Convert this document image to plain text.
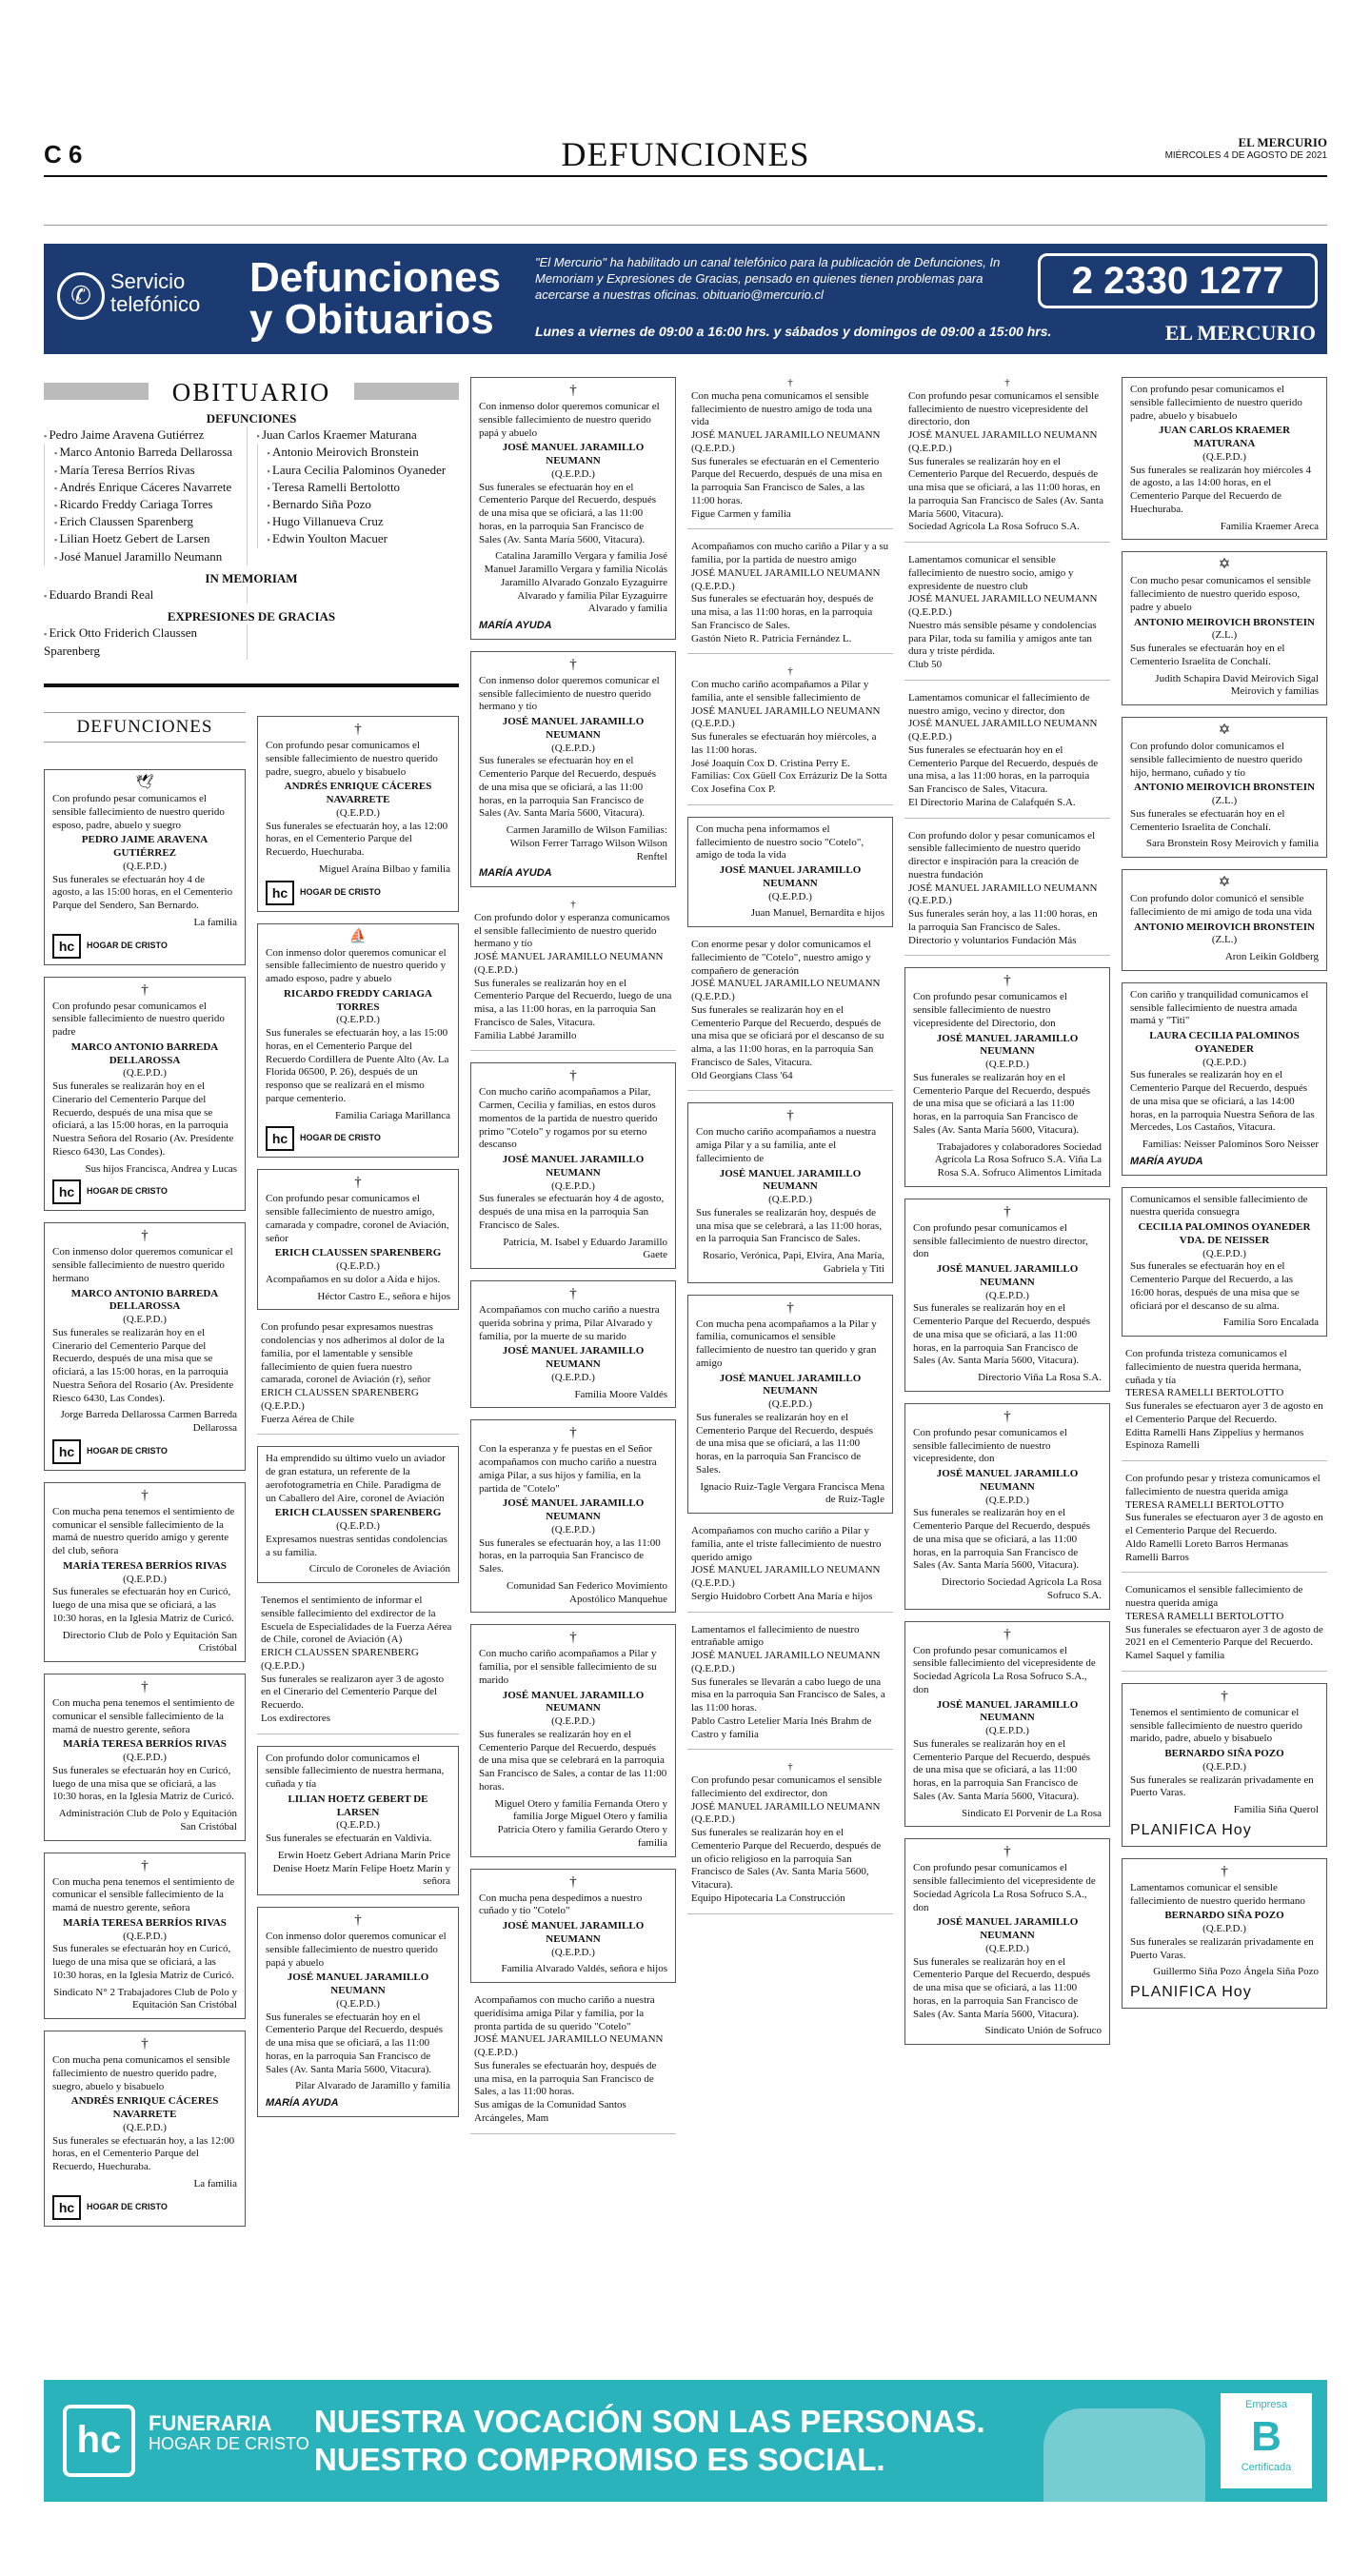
C 6	DEFUNCIONES	EL MERCURIO
MIÉRCOLES 4 DE AGOSTO DE 2021
✆
Servicio telefónico
Defunciones
y Obituarios
"El Mercurio" ha habilitado un canal telefónico para la publicación de Defunciones, In Memoriam y Expresiones de Gracias, pensado en quienes tienen problemas para acercarse a nuestras oficinas. obituario@mercurio.cl
Lunes a viernes de 09:00 a 16:00 hrs. y sábados y domingos de 09:00 a 15:00 hrs.
2 2330 1277
EL MERCURIO
OBITUARIO
DEFUNCIONES
▪ Pedro Jaime Aravena Gutiérrez
▪ Marco Antonio Barreda Dellarossa
▪ María Teresa Berríos Rivas
▪ Andrés Enrique Cáceres Navarrete
▪ Ricardo Freddy Cariaga Torres
▪ Erich Claussen Sparenberg
▪ Lilian Hoetz Gebert de Larsen
▪ José Manuel Jaramillo Neumann
▪ Juan Carlos Kraemer Maturana
▪ Antonio Meirovich Bronstein
▪ Laura Cecilia Palominos Oyaneder
▪ Teresa Ramelli Bertolotto
▪ Bernardo Siña Pozo
▪ Hugo Villanueva Cruz
▪ Edwin Youlton Macuer
IN MEMORIAM
▪ Eduardo Brandi Real
EXPRESIONES DE GRACIAS
▪ Erick Otto Friderich Claussen Sparenberg
DEFUNCIONES
🕊

Con profundo pesar comunicamos el sensible fallecimiento de nuestro querido esposo, padre, abuelo y suegro

PEDRO JAIME ARAVENA GUTIÉRREZ

(Q.E.P.D.)

Sus funerales se efectuarán hoy 4 de agosto, a las 15:00 horas, en el Cementerio Parque del Sendero, San Bernardo.

La familia

hc	HOGAR DE CRISTO
†

Con profundo pesar comunicamos el sensible fallecimiento de nuestro querido padre

MARCO ANTONIO BARREDA DELLAROSSA

(Q.E.P.D.)

Sus funerales se realizarán hoy en el Cinerario del Cementerio Parque del Recuerdo, después de una misa que se oficiará, a las 15:00 horas, en la parroquia Nuestra Señora del Rosario (Av. Presidente Riesco 6430, Las Condes).

Sus hijos Francisca, Andrea y Lucas

hc	HOGAR DE CRISTO
†

Con inmenso dolor queremos comunicar el sensible fallecimiento de nuestro querido hermano

MARCO ANTONIO BARREDA DELLAROSSA

(Q.E.P.D.)

Sus funerales se realizarán hoy en el Cinerario del Cementerio Parque del Recuerdo, después de una misa que se oficiará, a las 15:00 horas, en la parroquia Nuestra Señora del Rosario (Av. Presidente Riesco 6430, Las Condes).

Jorge Barreda Dellarossa Carmen Barreda Dellarossa

hc	HOGAR DE CRISTO
†

Con mucha pena tenemos el sentimiento de comunicar el sensible fallecimiento de la mamá de nuestro querido amigo y gerente del club, señora

MARÍA TERESA BERRÍOS RIVAS

(Q.E.P.D.)

Sus funerales se efectuarán hoy en Curicó, luego de una misa que se oficiará, a las 10:30 horas, en la Iglesia Matriz de Curicó.

Directorio Club de Polo y Equitación San Cristóbal

†

Con mucha pena tenemos el sentimiento de comunicar el sensible fallecimiento de la mamá de nuestro gerente, señora

MARÍA TERESA BERRÍOS RIVAS

(Q.E.P.D.)

Sus funerales se efectuarán hoy en Curicó, luego de una misa que se oficiará, a las 10:30 horas, en la Iglesia Matriz de Curicó.

Administración Club de Polo y Equitación San Cristóbal

†

Con mucha pena tenemos el sentimiento de comunicar el sensible fallecimiento de la mamá de nuestro gerente, señora

MARÍA TERESA BERRÍOS RIVAS

(Q.E.P.D.)

Sus funerales se efectuarán hoy en Curicó, luego de una misa que se oficiará, a las 10:30 horas, en la Iglesia Matriz de Curicó.

Sindicato N° 2 Trabajadores Club de Polo y Equitación San Cristóbal

†

Con mucha pena comunicamos el sensible fallecimiento de nuestro querido padre, suegro, abuelo y bisabuelo

ANDRÉS ENRIQUE CÁCERES NAVARRETE

(Q.E.P.D.)

Sus funerales se efectuarán hoy, a las 12:00 horas, en el Cementerio Parque del Recuerdo, Huechuraba.

La familia

hc	HOGAR DE CRISTO
†

Con profundo pesar comunicamos el sensible fallecimiento de nuestro querido padre, suegro, abuelo y bisabuelo

ANDRÉS ENRIQUE CÁCERES NAVARRETE

(Q.E.P.D.)

Sus funerales se efectuarán hoy, a las 12:00 horas, en el Cementerio Parque del Recuerdo, Huechuraba.

Miguel Araína Bilbao y familia

hc	HOGAR DE CRISTO
⛵

Con inmenso dolor queremos comunicar el sensible fallecimiento de nuestro querido y amado esposo, padre y abuelo

RICARDO FREDDY CARIAGA TORRES

(Q.E.P.D.)

Sus funerales se efectuarán hoy, a las 15:00 horas, en el Cementerio Parque del Recuerdo Cordillera de Puente Alto (Av. La Florida 06500, P. 26), después de un responso que se realizará en el mismo parque cementerio.

Familia Cariaga Marillanca

hc	HOGAR DE CRISTO
†

Con profundo pesar comunicamos el sensible fallecimiento de nuestro amigo, camarada y compadre, coronel de Aviación, señor

ERICH CLAUSSEN SPARENBERG

(Q.E.P.D.)

Acompañamos en su dolor a Aída e hijos.

Héctor Castro E., señora e hijos

Con profundo pesar expresamos nuestras condolencias y nos adherimos al dolor de la familia, por el lamentable y sensible fallecimiento de quien fuera nuestro camarada, coronel de Aviación (r), señor

ERICH CLAUSSEN SPARENBERG

(Q.E.P.D.)

Fuerza Aérea de Chile

Ha emprendido su último vuelo un aviador de gran estatura, un referente de la aerofotogrametría en Chile. Paradigma de un Caballero del Aire, coronel de Aviación

ERICH CLAUSSEN SPARENBERG

(Q.E.P.D.)

Expresamos nuestras sentidas condolencias a su familia.

Círculo de Coroneles de Aviación

Tenemos el sentimiento de informar el sensible fallecimiento del exdirector de la Escuela de Especialidades de la Fuerza Aérea de Chile, coronel de Aviación (A)

ERICH CLAUSSEN SPARENBERG

(Q.E.P.D.)

Sus funerales se realizaron ayer 3 de agosto en el Cinerario del Cementerio Parque del Recuerdo.

Los exdirectores

Con profundo dolor comunicamos el sensible fallecimiento de nuestra hermana, cuñada y tía

LILIAN HOETZ GEBERT DE LARSEN

(Q.E.P.D.)

Sus funerales se efectuarán en Valdivia.

Erwin Hoetz Gebert Adriana Marín Price Denise Hoetz Marín Felipe Hoetz Marín y señora

†

Con inmenso dolor queremos comunicar el sensible fallecimiento de nuestro querido papá y abuelo

JOSÉ MANUEL JARAMILLO NEUMANN

(Q.E.P.D.)

Sus funerales se efectuarán hoy en el Cementerio Parque del Recuerdo, después de una misa que se oficiará, a las 11:00 horas, en la parroquia San Francisco de Sales (Av. Santa María 5600, Vitacura).

Pilar Alvarado de Jaramillo y familia

MARÍA AYUDA
†

Con inmenso dolor queremos comunicar el sensible fallecimiento de nuestro querido papá y abuelo

JOSÉ MANUEL JARAMILLO NEUMANN

(Q.E.P.D.)

Sus funerales se efectuarán hoy en el Cementerio Parque del Recuerdo, después de una misa que se oficiará, a las 11:00 horas, en la parroquia San Francisco de Sales (Av. Santa María 5600, Vitacura).

Catalina Jaramillo Vergara y familia José Manuel Jaramillo Vergara y familia Nicolás Jaramillo Alvarado Gonzalo Eyzaguirre Alvarado y familia Pilar Eyzaguirre Alvarado y familia

MARÍA AYUDA
†

Con inmenso dolor queremos comunicar el sensible fallecimiento de nuestro querido hermano y tío

JOSÉ MANUEL JARAMILLO NEUMANN

(Q.E.P.D.)

Sus funerales se efectuarán hoy en el Cementerio Parque del Recuerdo, después de una misa que se oficiará, a las 11:00 horas, en la parroquia San Francisco de Sales (Av. Santa María 5600, Vitacura).

Carmen Jaramillo de Wilson Familias: Wilson Ferrer Tarrago Wilson Wilson Renftel

MARÍA AYUDA
†

Con profundo dolor y esperanza comunicamos el sensible fallecimiento de nuestro querido hermano y tío

JOSÉ MANUEL JARAMILLO NEUMANN

(Q.E.P.D.)

Sus funerales se realizarán hoy en el Cementerio Parque del Recuerdo, luego de una misa, a las 11:00 horas, en la parroquia San Francisco de Sales, Vitacura.

Familia Labbé Jaramillo

†

Con mucho cariño acompañamos a Pilar, Carmen, Cecilia y familias, en estos duros momentos de la partida de nuestro querido primo "Cotelo" y rogamos por su eterno descanso

JOSÉ MANUEL JARAMILLO NEUMANN

(Q.E.P.D.)

Sus funerales se efectuarán hoy 4 de agosto, después de una misa en la parroquia San Francisco de Sales.

Patricia, M. Isabel y Eduardo Jaramillo Gaete

†

Acompañamos con mucho cariño a nuestra querida sobrina y prima, Pilar Alvarado y familia, por la muerte de su marido

JOSÉ MANUEL JARAMILLO NEUMANN

(Q.E.P.D.)

Familia Moore Valdés

†

Con la esperanza y fe puestas en el Señor acompañamos con mucho cariño a nuestra amiga Pilar, a sus hijos y familia, en la partida de "Cotelo"

JOSÉ MANUEL JARAMILLO NEUMANN

(Q.E.P.D.)

Sus funerales se efectuarán hoy, a las 11:00 horas, en la parroquia San Francisco de Sales.

Comunidad San Federico Movimiento Apostólico Manquehue

†

Con mucho cariño acompañamos a Pilar y familia, por el sensible fallecimiento de su marido

JOSÉ MANUEL JARAMILLO NEUMANN

(Q.E.P.D.)

Sus funerales se realizarán hoy en el Cementerio Parque del Recuerdo, después de una misa que se celebrará en la parroquia San Francisco de Sales, a contar de las 11:00 horas.

Miguel Otero y familia Fernanda Otero y familia Jorge Miguel Otero y familia Patricia Otero y familia Gerardo Otero y familia

†

Con mucha pena despedimos a nuestro cuñado y tío "Cotelo"

JOSÉ MANUEL JARAMILLO NEUMANN

(Q.E.P.D.)

Familia Alvarado Valdés, señora e hijos

Acompañamos con mucho cariño a nuestra queridísima amiga Pilar y familia, por la pronta partida de su querido "Cotelo"

JOSÉ MANUEL JARAMILLO NEUMANN

(Q.E.P.D.)

Sus funerales se efectuarán hoy, después de una misa, en la parroquia San Francisco de Sales, a las 11:00 horas.

Sus amigas de la Comunidad Santos Arcángeles, Mam

†

Con mucha pena comunicamos el sensible fallecimiento de nuestro amigo de toda una vida

JOSÉ MANUEL JARAMILLO NEUMANN

(Q.E.P.D.)

Sus funerales se efectuarán en el Cementerio Parque del Recuerdo, después de una misa en la parroquia San Francisco de Sales, a las 11:00 horas.

Figue Carmen y familia

Acompañamos con mucho cariño a Pilar y a su familia, por la partida de nuestro amigo

JOSÉ MANUEL JARAMILLO NEUMANN

(Q.E.P.D.)

Sus funerales se efectuarán hoy, después de una misa, a las 11:00 horas, en la parroquia San Francisco de Sales.

Gastón Nieto R. Patricia Fernández L.

†

Con mucho cariño acompañamos a Pilar y familia, ante el sensible fallecimiento de

JOSÉ MANUEL JARAMILLO NEUMANN

(Q.E.P.D.)

Sus funerales se efectuarán hoy miércoles, a las 11:00 horas.

José Joaquín Cox D. Cristina Perry E. Familias: Cox Güell Cox Errázuriz De la Sotta Cox Josefina Cox P.

Con mucha pena informamos el fallecimiento de nuestro socio "Cotelo", amigo de toda la vida

JOSÉ MANUEL JARAMILLO NEUMANN

(Q.E.P.D.)

Juan Manuel, Bernardita e hijos

Con enorme pesar y dolor comunicamos el fallecimiento de "Cotelo", nuestro amigo y compañero de generación

JOSÉ MANUEL JARAMILLO NEUMANN

(Q.E.P.D.)

Sus funerales se realizarán hoy en el Cementerio Parque del Recuerdo, después de una misa que se oficiará por el descanso de su alma, a las 11:00 horas, en la parroquia San Francisco de Sales, Vitacura.

Old Georgians Class '64

†

Con mucho cariño acompañamos a nuestra amiga Pilar y a su familia, ante el fallecimiento de

JOSÉ MANUEL JARAMILLO NEUMANN

(Q.E.P.D.)

Sus funerales se realizarán hoy, después de una misa que se celebrará, a las 11:00 horas, en la parroquia San Francisco de Sales.

Rosario, Verónica, Papi, Elvira, Ana María, Gabriela y Titi

†

Con mucha pena acompañamos a la Pilar y familia, comunicamos el sensible fallecimiento de nuestro tan querido y gran amigo

JOSÉ MANUEL JARAMILLO NEUMANN

(Q.E.P.D.)

Sus funerales se realizarán hoy en el Cementerio Parque del Recuerdo, después de una misa que se oficiará, a las 11:00 horas, en la parroquia San Francisco de Sales.

Ignacio Ruiz-Tagle Vergara Francisca Mena de Ruiz-Tagle

Acompañamos con mucho cariño a Pilar y familia, ante el triste fallecimiento de nuestro querido amigo

JOSÉ MANUEL JARAMILLO NEUMANN

(Q.E.P.D.)

Sergio Huidobro Corbett Ana María e hijos

Lamentamos el fallecimiento de nuestro entrañable amigo

JOSÉ MANUEL JARAMILLO NEUMANN

(Q.E.P.D.)

Sus funerales se llevarán a cabo luego de una misa en la parroquia San Francisco de Sales, a las 11:00 horas.

Pablo Castro Letelier María Inés Brahm de Castro y familia

†

Con profundo pesar comunicamos el sensible fallecimiento del exdirector, don

JOSÉ MANUEL JARAMILLO NEUMANN

(Q.E.P.D.)

Sus funerales se realizarán hoy en el Cementerio Parque del Recuerdo, después de un oficio religioso en la parroquia San Francisco de Sales (Av. Santa María 5600, Vitacura).

Equipo Hipotecaria La Construcción

†

Con profundo pesar comunicamos el sensible fallecimiento de nuestro vicepresidente del directorio, don

JOSÉ MANUEL JARAMILLO NEUMANN

(Q.E.P.D.)

Sus funerales se realizarán hoy en el Cementerio Parque del Recuerdo, después de una misa que se oficiará, a las 11:00 horas, en la parroquia San Francisco de Sales (Av. Santa María 5600, Vitacura).

Sociedad Agrícola La Rosa Sofruco S.A.

Lamentamos comunicar el sensible fallecimiento de nuestro socio, amigo y expresidente de nuestro club

JOSÉ MANUEL JARAMILLO NEUMANN

(Q.E.P.D.)

Nuestro más sensible pésame y condolencias para Pilar, toda su familia y amigos ante tan dura y triste pérdida.

Club 50

Lamentamos comunicar el fallecimiento de nuestro amigo, vecino y director, don

JOSÉ MANUEL JARAMILLO NEUMANN

(Q.E.P.D.)

Sus funerales se efectuarán hoy en el Cementerio Parque del Recuerdo, después de una misa, a las 11:00 horas, en la parroquia San Francisco de Sales, Vitacura.

El Directorio Marina de Calafquén S.A.

Con profundo dolor y pesar comunicamos el sensible fallecimiento de nuestro querido director e inspiración para la creación de nuestra fundación

JOSÉ MANUEL JARAMILLO NEUMANN

(Q.E.P.D.)

Sus funerales serán hoy, a las 11:00 horas, en la parroquia San Francisco de Sales.

Directorio y voluntarios Fundación Más

†

Con profundo pesar comunicamos el sensible fallecimiento de nuestro vicepresidente del Directorio, don

JOSÉ MANUEL JARAMILLO NEUMANN

(Q.E.P.D.)

Sus funerales se realizarán hoy en el Cementerio Parque del Recuerdo, después de una misa que se oficiará a las 11:00 horas, en la parroquia San Francisco de Sales (Av. Santa María 5600, Vitacura).

Trabajadores y colaboradores Sociedad Agrícola La Rosa Sofruco S.A. Viña La Rosa S.A. Sofruco Alimentos Limitada

†

Con profundo pesar comunicamos el sensible fallecimiento de nuestro director, don

JOSÉ MANUEL JARAMILLO NEUMANN

(Q.E.P.D.)

Sus funerales se realizarán hoy en el Cementerio Parque del Recuerdo, después de una misa que se oficiará, a las 11:00 horas, en la parroquia San Francisco de Sales (Av. Santa María 5600, Vitacura).

Directorio Viña La Rosa S.A.

†

Con profundo pesar comunicamos el sensible fallecimiento de nuestro vicepresidente, don

JOSÉ MANUEL JARAMILLO NEUMANN

(Q.E.P.D.)

Sus funerales se realizarán hoy en el Cementerio Parque del Recuerdo, después de una misa que se oficiará, a las 11:00 horas, en la parroquia San Francisco de Sales (Av. Santa María 5600, Vitacura).

Directorio Sociedad Agrícola La Rosa Sofruco S.A.

†

Con profundo pesar comunicamos el sensible fallecimiento del vicepresidente de Sociedad Agrícola La Rosa Sofruco S.A., don

JOSÉ MANUEL JARAMILLO NEUMANN

(Q.E.P.D.)

Sus funerales se realizarán hoy en el Cementerio Parque del Recuerdo, después de una misa que se oficiará, a las 11:00 horas, en la parroquia San Francisco de Sales (Av. Santa María 5600, Vitacura).

Sindicato El Porvenir de La Rosa

†

Con profundo pesar comunicamos el sensible fallecimiento del vicepresidente de Sociedad Agrícola La Rosa Sofruco S.A., don

JOSÉ MANUEL JARAMILLO NEUMANN

(Q.E.P.D.)

Sus funerales se realizarán hoy en el Cementerio Parque del Recuerdo, después de una misa que se oficiará, a las 11:00 horas, en la parroquia San Francisco de Sales (Av. Santa María 5600, Vitacura).

Sindicato Unión de Sofruco

Con profundo pesar comunicamos el sensible fallecimiento de nuestro querido padre, abuelo y bisabuelo

JUAN CARLOS KRAEMER MATURANA

(Q.E.P.D.)

Sus funerales se realizarán hoy miércoles 4 de agosto, a las 14:00 horas, en el Cementerio Parque del Recuerdo de Huechuraba.

Familia Kraemer Areca

✡

Con mucho pesar comunicamos el sensible fallecimiento de nuestro querido esposo, padre y abuelo

ANTONIO MEIROVICH BRONSTEIN

(Z.L.)

Sus funerales se efectuarán hoy en el Cementerio Israelita de Conchalí.

Judith Schapira David Meirovich Sigal Meirovich y familias

✡

Con profundo dolor comunicamos el sensible fallecimiento de nuestro querido hijo, hermano, cuñado y tío

ANTONIO MEIROVICH BRONSTEIN

(Z.L.)

Sus funerales se efectuarán hoy en el Cementerio Israelita de Conchalí.

Sara Bronstein Rosy Meirovich y familia

✡

Con profundo dolor comunicó el sensible fallecimiento de mi amigo de toda una vida

ANTONIO MEIROVICH BRONSTEIN

(Z.L.)

Aron Leikin Goldberg

Con cariño y tranquilidad comunicamos el sensible fallecimiento de nuestra amada mamá y "Titi"

LAURA CECILIA PALOMINOS OYANEDER

(Q.E.P.D.)

Sus funerales se realizarán hoy en el Cementerio Parque del Recuerdo, después de una misa que se oficiará, a las 14:00 horas, en la parroquia Nuestra Señora de las Mercedes, Los Castaños, Vitacura.

Familias: Neisser Palominos Soro Neisser

MARÍA AYUDA

Comunicamos el sensible fallecimiento de nuestra querida consuegra

CECILIA PALOMINOS OYANEDER VDA. DE NEISSER

(Q.E.P.D.)

Sus funerales se efectuarán hoy en el Cementerio Parque del Recuerdo, a las 16:00 horas, después de una misa que se oficiará por el descanso de su alma.

Familia Soro Encalada

Con profunda tristeza comunicamos el fallecimiento de nuestra querida hermana, cuñada y tía

TERESA RAMELLI BERTOLOTTO

Sus funerales se efectuaron ayer 3 de agosto en el Cementerio Parque del Recuerdo.

Editta Ramelli Hans Zippelius y hermanos Espinoza Ramelli

Con profundo pesar y tristeza comunicamos el fallecimiento de nuestra querida amiga

TERESA RAMELLI BERTOLOTTO

Sus funerales se efectuaron ayer 3 de agosto en el Cementerio Parque del Recuerdo.

Aldo Ramelli Loreto Barros Hermanas Ramelli Barros

Comunicamos el sensible fallecimiento de nuestra querida amiga

TERESA RAMELLI BERTOLOTTO

Sus funerales se efectuaron ayer 3 de agosto de 2021 en el Cementerio Parque del Recuerdo.

Kamel Saquel y familia

†

Tenemos el sentimiento de comunicar el sensible fallecimiento de nuestro querido marido, padre, abuelo y bisabuelo

BERNARDO SIÑA POZO

(Q.E.P.D.)

Sus funerales se realizarán privadamente en Puerto Varas.

Familia Siña Querol

PLANIFICA Hoy
†

Lamentamos comunicar el sensible fallecimiento de nuestro querido hermano

BERNARDO SIÑA POZO

(Q.E.P.D.)

Sus funerales se realizarán privadamente en Puerto Varas.

Guillermo Siña Pozo Ángela Siña Pozo

PLANIFICA Hoy
hc	FUNERARIA
HOGAR DE CRISTO
NUESTRA VOCACIÓN SON LAS PERSONAS.
NUESTRO COMPROMISO ES SOCIAL.
Empresa
B
Certificada
